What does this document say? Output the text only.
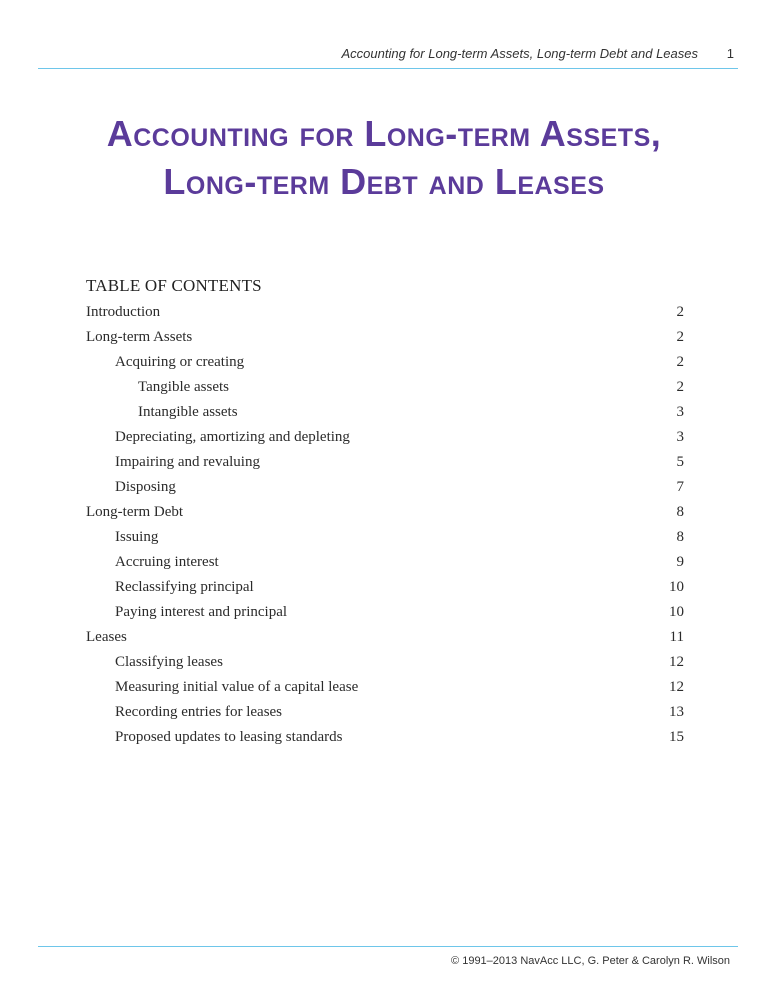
Accounting for Long-term Assets, Long-term Debt and Leases 1
Accounting for Long-term Assets,
Long-term Debt and Leases
TABLE OF CONTENTS
Introduction	2
Long-term Assets	2
Acquiring or creating	2
Tangible assets	2
Intangible assets	3
Depreciating, amortizing and depleting	3
Impairing and revaluing	5
Disposing	7
Long-term Debt	8
Issuing	8
Accruing interest	9
Reclassifying principal	10
Paying interest and principal	10
Leases	11
Classifying leases	12
Measuring initial value of a capital lease	12
Recording entries for leases	13
Proposed updates to leasing standards	15
© 1991–2013 NavAcc LLC, G. Peter & Carolyn R. Wilson
